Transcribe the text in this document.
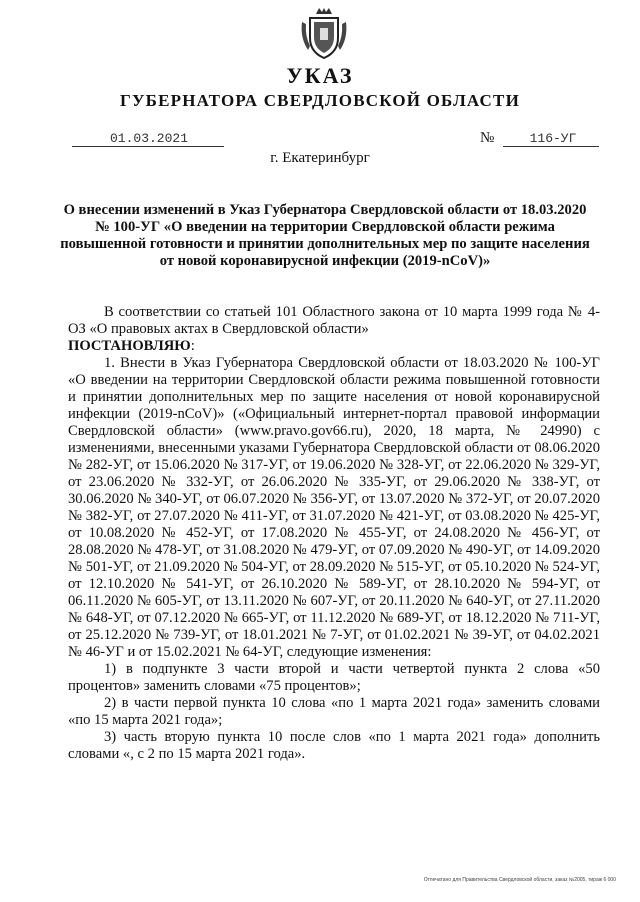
УКАЗ
ГУБЕРНАТОРА СВЕРДЛОВСКОЙ ОБЛАСТИ
01.03.2021	№	116-УГ
г. Екатеринбург
О внесении изменений в Указ Губернатора Свердловской области от 18.03.2020 № 100-УГ «О введении на территории Свердловской области режима повышенной готовности и принятии дополнительных мер по защите населения от новой коронавирусной инфекции (2019-nCoV)»

В соответствии со статьей 101 Областного закона от 10 марта 1999 года № 4-ОЗ «О правовых актах в Свердловской области»

ПОСТАНОВЛЯЮ:

1. Внести в Указ Губернатора Свердловской области от 18.03.2020 № 100-УГ «О введении на территории Свердловской области режима повышенной готовности и принятии дополнительных мер по защите населения от новой коронавирусной инфекции (2019-nCoV)» («Официальный интернет-портал правовой информации Свердловской области» (www.pravo.gov66.ru), 2020, 18 марта, № 24990) с изменениями, внесенными указами Губернатора Свердловской области от 08.06.2020 № 282-УГ, от 15.06.2020 № 317-УГ, от 19.06.2020 № 328-УГ, от 22.06.2020 № 329-УГ, от 23.06.2020 № 332-УГ, от 26.06.2020 № 335-УГ, от 29.06.2020 № 338-УГ, от 30.06.2020 № 340-УГ, от 06.07.2020 № 356-УГ, от 13.07.2020 № 372-УГ, от 20.07.2020 № 382-УГ, от 27.07.2020 № 411-УГ, от 31.07.2020 № 421-УГ, от 03.08.2020 № 425-УГ, от 10.08.2020 № 452-УГ, от 17.08.2020 № 455-УГ, от 24.08.2020 № 456-УГ, от 28.08.2020 № 478-УГ, от 31.08.2020 № 479-УГ, от 07.09.2020 № 490-УГ, от 14.09.2020 № 501-УГ, от 21.09.2020 № 504-УГ, от 28.09.2020 № 515-УГ, от 05.10.2020 № 524-УГ, от 12.10.2020 № 541-УГ, от 26.10.2020 № 589-УГ, от 28.10.2020 № 594-УГ, от 06.11.2020 № 605-УГ, от 13.11.2020 № 607-УГ, от 20.11.2020 № 640-УГ, от 27.11.2020 № 648-УГ, от 07.12.2020 № 665-УГ, от 11.12.2020 № 689-УГ, от 18.12.2020 № 711-УГ, от 25.12.2020 № 739-УГ, от 18.01.2021 № 7-УГ, от 01.02.2021 № 39-УГ, от 04.02.2021 № 46-УГ и от 15.02.2021 № 64-УГ, следующие изменения:

1) в подпункте 3 части второй и части четвертой пункта 2 слова «50 процентов» заменить словами «75 процентов»;

2) в части первой пункта 10 слова «по 1 марта 2021 года» заменить словами «по 15 марта 2021 года»;

3) часть вторую пункта 10 после слов «по 1 марта 2021 года» дополнить словами «, с 2 по 15 марта 2021 года».

Отпечатано для Правительства Свердловской области, заказ №2005, тираж 6 000
